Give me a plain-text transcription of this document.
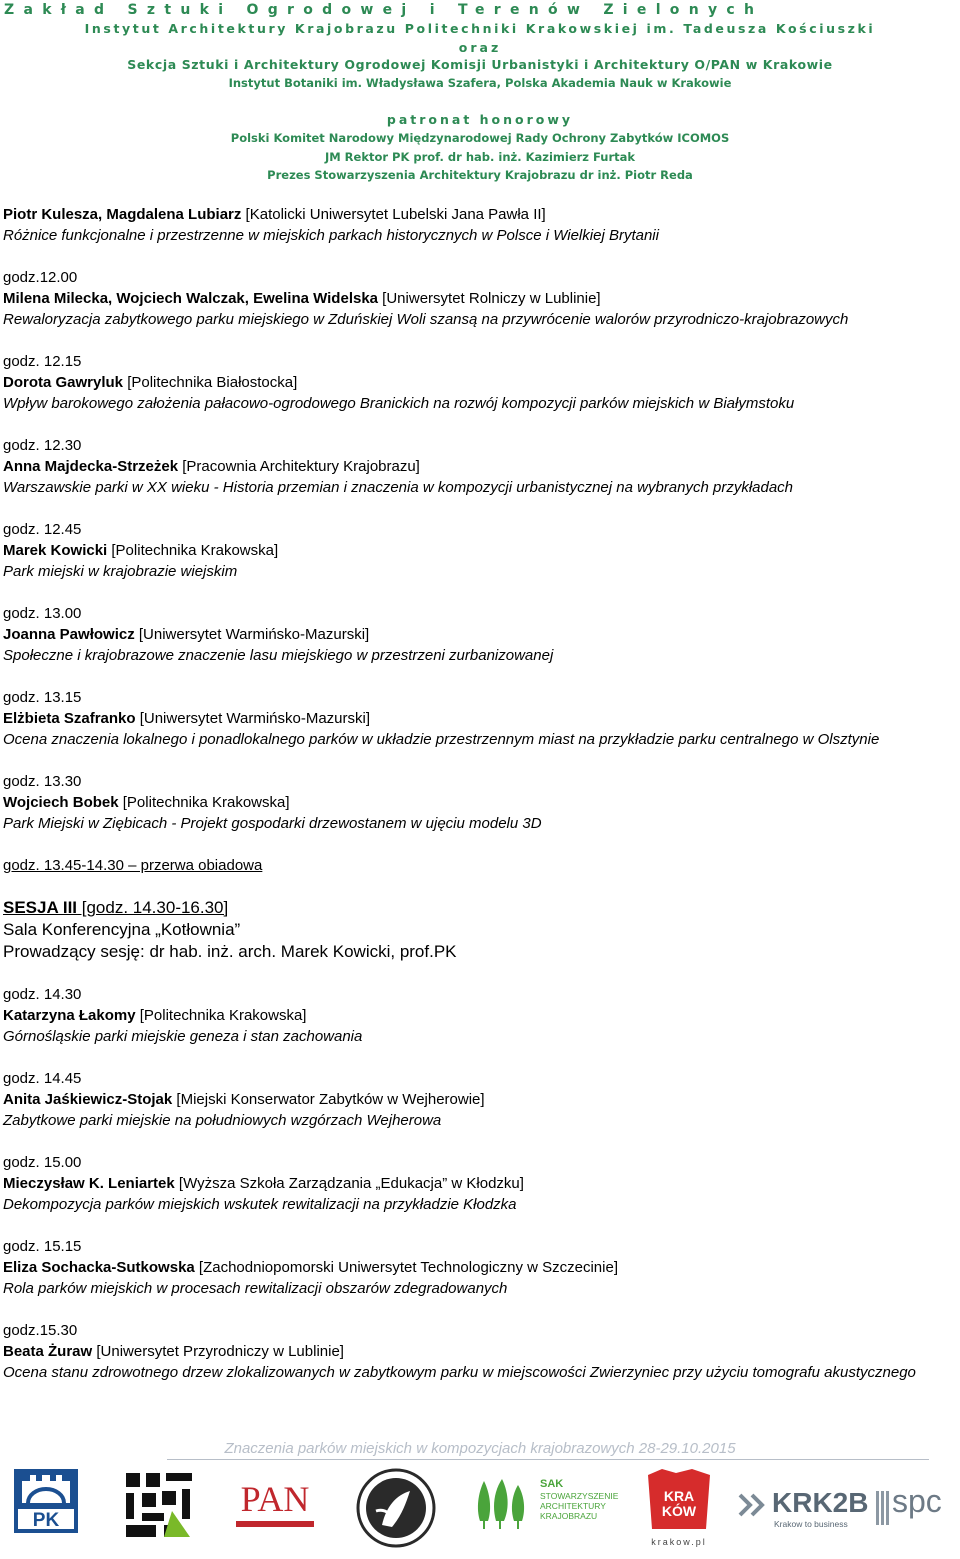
Zakład Sztuki Ogrodowej i Terenów Zielonych
Instytut Architektury Krajobrazu Politechniki Krakowskiej im. Tadeusza Kościuszki
oraz
Sekcja Sztuki i Architektury Ogrodowej Komisji Urbanistyki i Architektury O/PAN w Krakowie
Instytut Botaniki im. Władysława Szafera, Polska Akademia Nauk w Krakowie
patronat honorowy
Polski Komitet Narodowy Międzynarodowej Rady Ochrony Zabytków ICOMOS
JM Rektor PK prof. dr hab. inż. Kazimierz Furtak
Prezes Stowarzyszenia Architektury Krajobrazu dr inż. Piotr Reda

Piotr Kulesza, Magdalena Lubiarz [Katolicki Uniwersytet Lubelski Jana Pawła II]

Różnice funkcjonalne i przestrzenne w miejskich parkach historycznych w Polsce i Wielkiej Brytanii

godz.12.00

Milena Milecka, Wojciech Walczak, Ewelina Widelska [Uniwersytet Rolniczy w Lublinie]

Rewaloryzacja zabytkowego parku miejskiego w Zduńskiej Woli szansą na przywrócenie walorów przyrodniczo-krajobrazowych

godz. 12.15

Dorota Gawryluk [Politechnika Białostocka]

Wpływ barokowego założenia pałacowo-ogrodowego Branickich na rozwój kompozycji parków miejskich w Białymstoku

godz. 12.30

Anna Majdecka-Strzeżek [Pracownia Architektury Krajobrazu]

Warszawskie parki w XX wieku - Historia przemian i znaczenia w kompozycji urbanistycznej na wybranych przykładach

godz. 12.45

Marek Kowicki [Politechnika Krakowska]

Park miejski w krajobrazie wiejskim

godz. 13.00

Joanna Pawłowicz [Uniwersytet Warmińsko-Mazurski]

Społeczne i krajobrazowe znaczenie lasu miejskiego w przestrzeni zurbanizowanej

godz. 13.15

Elżbieta Szafranko [Uniwersytet Warmińsko-Mazurski]

Ocena znaczenia lokalnego i ponadlokalnego parków w układzie przestrzennym miast na przykładzie parku centralnego w Olsztynie

godz. 13.30

Wojciech Bobek [Politechnika Krakowska]

Park Miejski w Ziębicach - Projekt gospodarki drzewostanem w ujęciu modelu 3D

godz. 13.45-14.30 – przerwa obiadowa

SESJA III [godz. 14.30-16.30]

Sala Konferencyjna „Kotłownia”

Prowadzący sesję: dr hab. inż. arch. Marek Kowicki, prof.PK

godz. 14.30

Katarzyna Łakomy [Politechnika Krakowska]

Górnośląskie parki miejskie geneza i stan zachowania

godz. 14.45

Anita Jaśkiewicz-Stojak [Miejski Konserwator Zabytków w Wejherowie]

Zabytkowe parki miejskie na południowych wzgórzach Wejherowa

godz. 15.00

Mieczysław K. Leniartek [Wyższa Szkoła Zarządzania „Edukacja” w Kłodzku]

Dekompozycja parków miejskich wskutek rewitalizacji na przykładzie Kłodzka

godz. 15.15

Eliza Sochacka-Sutkowska [Zachodniopomorski Uniwersytet Technologiczny w Szczecinie]

Rola parków miejskich w procesach rewitalizacji obszarów zdegradowanych

godz.15.30

Beata Żuraw [Uniwersytet Przyrodniczy w Lublinie]

Ocena stanu zdrowotnego drzew zlokalizowanych w zabytkowym parku w miejscowości Zwierzyniec przy użyciu tomografu akustycznego

Znaczenia parków miejskich w kompozycjach krajobrazowych 28-29.10.2015
PK
PAN	SAK
STOWARZYSZENIE ARCHITEKTURY KRAJOBRAZU
KRA KÓW
krakow.pl
KRK2B
Krakow to business
spc
